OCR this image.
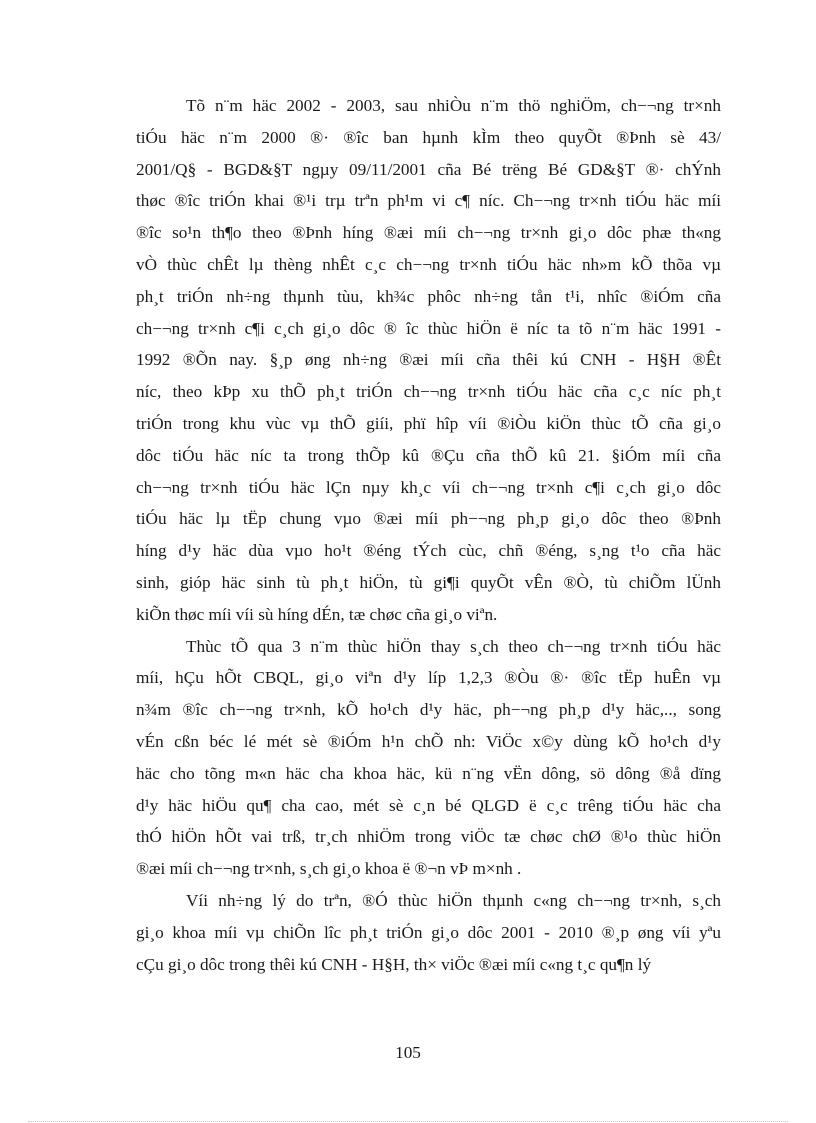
Tõ n¨m häc 2002 - 2003, sau nhiÒu n¨m thö nghiÖm, ch−¬ng tr×nh
tiÓu häc n¨m 2000 ®· ®îc ban hµnh kÌm theo quyÕt ®Þnh sè 43/
2001/Q§ - BGD&§T ngµy 09/11/2001 cña Bé trëng Bé GD&§T ®· chÝnh
thøc ®îc triÓn khai ®¹i trµ trªn ph¹m vi c¶ níc. Ch−¬ng tr×nh tiÓu häc míi
®îc so¹n th¶o theo ®Þnh híng ®æi míi ch−¬ng tr×nh gi¸o dôc phæ th«ng
vÒ thùc chÊt lµ thèng nhÊt c¸c ch−¬ng tr×nh tiÓu häc nh»m kÕ thõa vµ
ph¸t triÓn nh÷ng thµnh tùu, kh¾c phôc nh÷ng tån t¹i, nhîc ®iÓm cña
ch−¬ng tr×nh c¶i c¸ch gi¸o dôc ® îc thùc hiÖn ë níc ta tõ n¨m häc 1991 -
1992 ®Õn nay. §¸p øng nh÷ng ®æi míi cña thêi kú CNH - H§H ®Êt
níc, theo kÞp xu thÕ ph¸t triÓn ch−¬ng tr×nh tiÓu häc cña c¸c níc ph¸t
triÓn trong khu vùc vµ thÕ giíi, phï hîp víi ®iÒu kiÖn thùc tÕ cña gi¸o
dôc tiÓu häc níc ta trong thÕp kû ®Çu cña thÕ kû 21. §iÓm míi cña
ch−¬ng tr×nh tiÓu häc lÇn nµy kh¸c víi ch−¬ng tr×nh c¶i c¸ch gi¸o dôc
tiÓu häc lµ tËp chung vµo ®æi míi ph−¬ng ph¸p gi¸o dôc theo ®Þnh
híng d¹y häc dùa vµo ho¹t ®éng tÝch cùc, chñ ®éng, s¸ng t¹o cña häc
sinh, gióp häc sinh tù ph¸t hiÖn, tù gi¶i quyÕt vÊn ®Ò, tù chiÕm lÜnh
kiÕn thøc míi víi sù híng dÉn, tæ chøc cña gi¸o viªn.
Thùc tÕ qua 3 n¨m thùc hiÖn thay s¸ch theo ch−¬ng tr×nh tiÓu häc
míi, hÇu hÕt CBQL, gi¸o viªn d¹y líp 1,2,3 ®Òu ®· ®îc tËp huÊn vµ
n¾m ®îc ch−¬ng tr×nh, kÕ ho¹ch d¹y häc, ph−¬ng ph¸p d¹y häc,.., song
vÉn cßn béc lé mét sè ®iÓm h¹n chÕ nh: ViÖc x©y dùng kÕ ho¹ch d¹y
häc cho tõng m«n häc cha khoa häc, kü n¨ng vËn dông, sö dông ®å dïng
d¹y häc hiÖu qu¶ cha cao, mét sè c¸n bé QLGD ë c¸c trêng tiÓu häc cha
thÓ hiÖn hÕt vai trß, tr¸ch nhiÖm trong viÖc tæ chøc chØ ®¹o thùc hiÖn
®æi míi ch−¬ng tr×nh, s¸ch gi¸o khoa ë ®¬n vÞ m×nh .
Víi nh÷ng lý do trªn, ®Ó thùc hiÖn thµnh c«ng ch−¬ng tr×nh, s¸ch
gi¸o khoa míi vµ chiÕn lîc ph¸t triÓn gi¸o dôc 2001 - 2010 ®¸p øng víi yªu
cÇu gi¸o dôc trong thêi kú CNH - H§H, th× viÖc ®æi míi c«ng t¸c qu¶n lý
105
